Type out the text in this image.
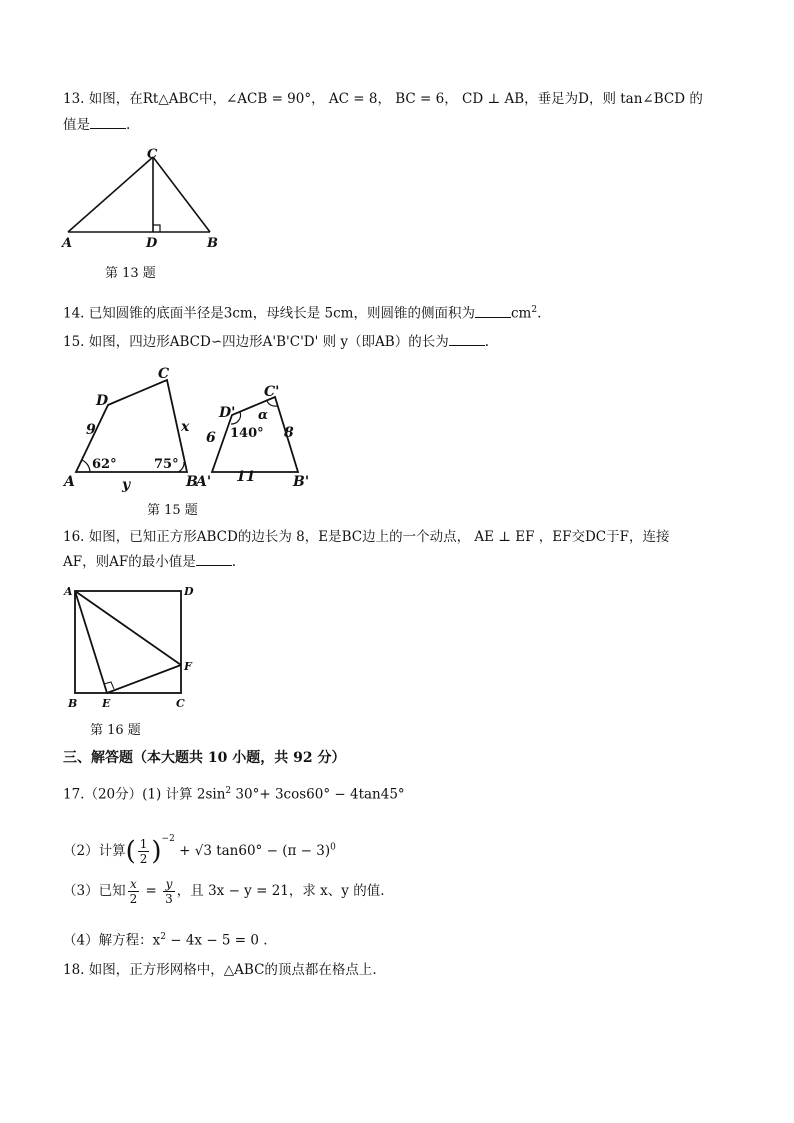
13. 如图，在Rt△ABC中，∠ACB = 90°， AC = 8， BC = 6， CD ⊥ AB，垂足为D，则 tan∠BCD 的
值是	.
C
A	D	B
第 13 题
14. 已知圆锥的底面半径是3cm，母线长是 5cm，则圆锥的侧面积为	$cm^2$.
15. 如图，四边形ABCD∽四边形A'B'C'D' 则 y（即AB）的长为	.
C
D
A	B
9	x
y	A'	B'
C'
D'
6	8
11
62°	75°
140°
α
第 15 题
16. 如图，已知正方形ABCD的边长为 8，E是BC边上的一个动点， AE ⊥ EF ，EF交DC于F，连接
AF，则AF的最小值是	.
A	D
F
B E	C
第 16 题
三、解答题（本大题共 10 小题，共 92 分）
17.（20分）(1) 计算 $2\sin^2$ 30°+ 3cos60° − 4tan45°
（2）计算( $\frac{1}{2} )^{-2} + √3$ $\tan 60^\circ - (\pi - 3)^0$
（3）已知 $\frac{x}{2} = \frac{y}{3}$ ，且 3x − y = 21，求 x、y 的值.
（4）解方程：$x^2 - 4x - 5 = 0$ .
18. 如图，正方形网格中，△ABC的顶点都在格点上.
